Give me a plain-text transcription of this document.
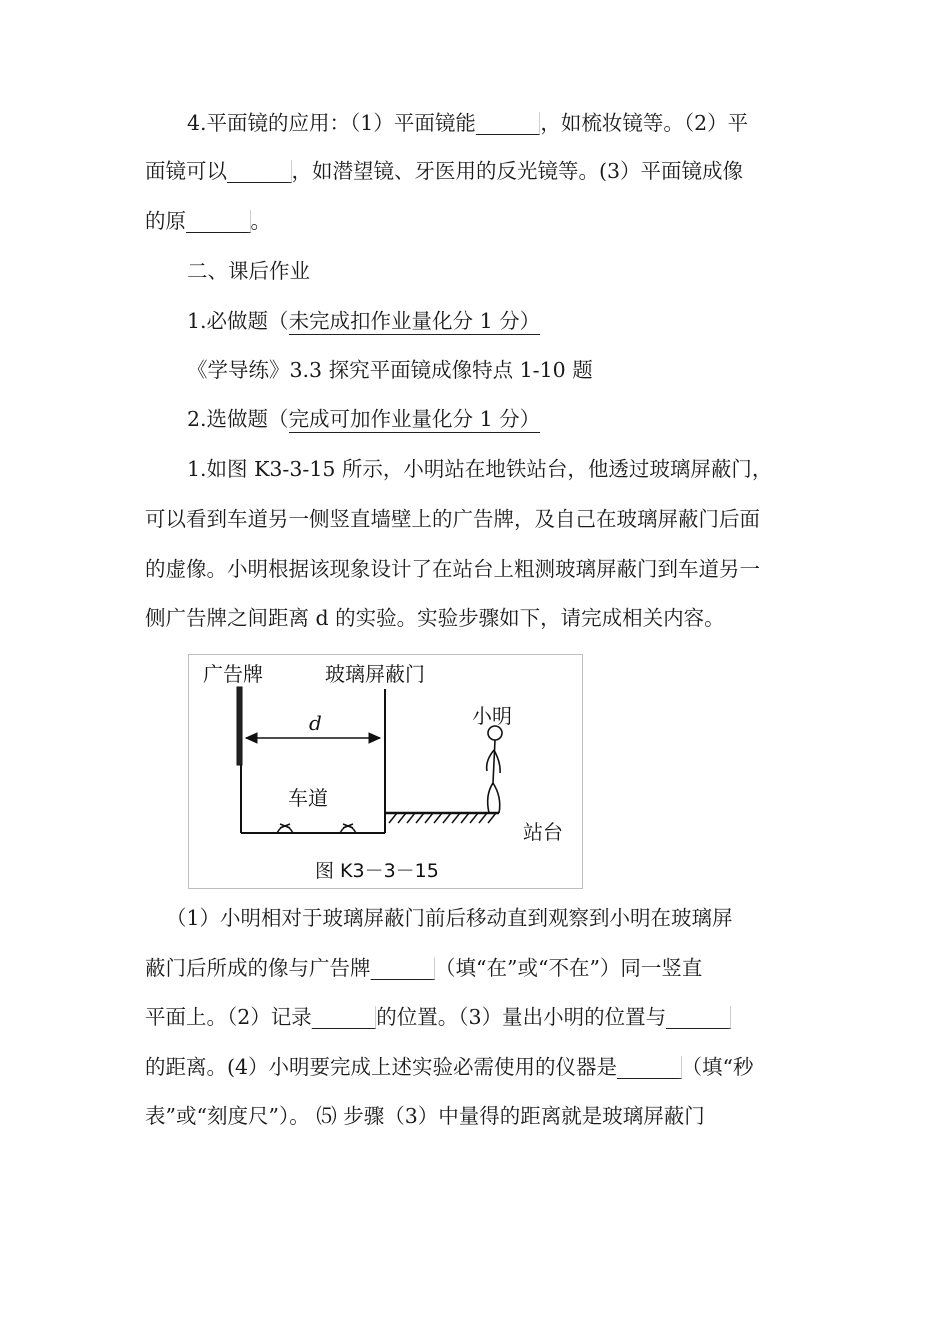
4.平面镜的应用：（1）平面镜能______ ，如梳妆镜等。（2）平
面镜可以______ ，如潜望镜、牙医用的反光镜等。(3）平面镜成像
的原______ 。
二、课后作业
1.必做题（未完成扣作业量化分 1 分）
《学导练》3.3 探究平面镜成像特点 1-10 题
2.选做题（完成可加作业量化分 1 分）
1.如图 K3-3-15 所示，小明站在地铁站台，他透过玻璃屏蔽门，
可以看到车道另一侧竖直墙壁上的广告牌，及自己在玻璃屏蔽门后面
的虚像。小明根据该现象设计了在站台上粗测玻璃屏蔽门到车道另一
侧广告牌之间距离 d 的实验。实验步骤如下，请完成相关内容。
广告牌	玻璃屏蔽门
d	小明
车道
站台
图 K3－3－15
（1）小明相对于玻璃屏蔽门前后移动直到观察到小明在玻璃屏
蔽门后所成的像与广告牌______ （填“在”或“不在”）同一竖直
平面上。（2）记录______ 的位置。（3）量出小明的位置与______
的距离。(4）小明要完成上述实验必需使用的仪器是______ （填“秒
表”或“刻度尺”）。 ⑸ 步骤（3）中量得的距离就是玻璃屏蔽门
